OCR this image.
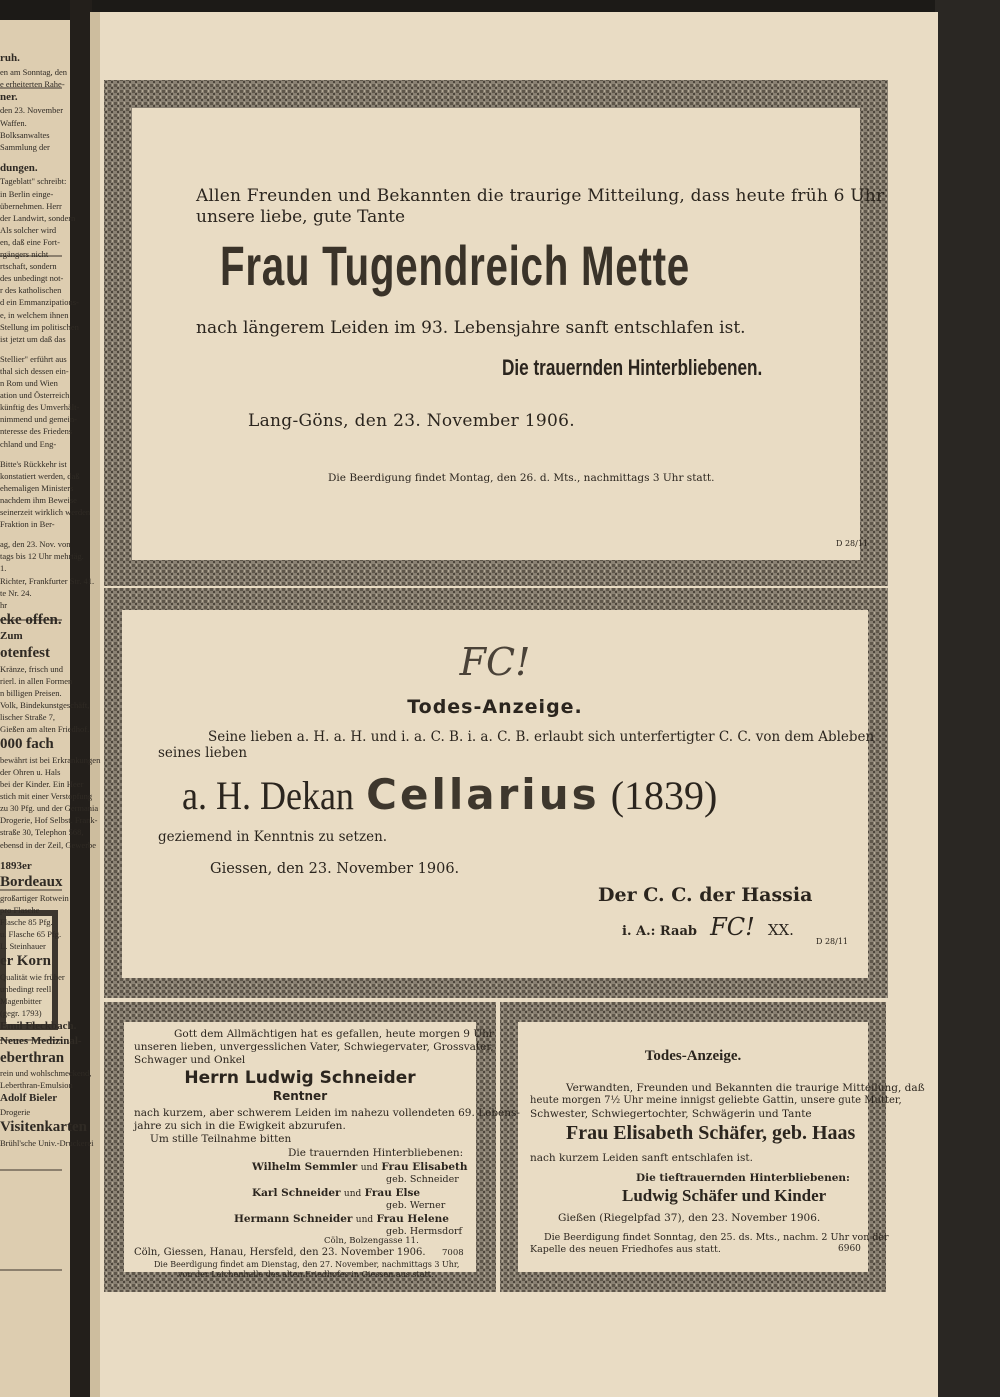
ruh.
en am Sonntag, den
e erheiterten Rahe-
ner.
den 23. November
Waffen.
Bolksanwaltes
Sammlung der
dungen.
Tageblatt" schreibt:
in Berlin einge-
übernehmen. Herr
der Landwirt, sondern
Als solcher wird
en, daß eine Fort-
rgängers nicht
rtschaft, sondern
des unbedingt not-
r des katholischen
d ein Emmanzipations-
e, in welchem ihnen
Stellung im politischen
ist jetzt um daß das
Stellier" erführt aus
thal sich dessen ein-
n Rom und Wien
ation und Österreich
künftig des Umverhält-
nimmend und gemein-
nteresse des Friedens
chland und Eng-
Bitte's Rückkehr ist
konstatiert werden, daß
ehemaligen Ministers
nachdem ihm Beweise
seinerzeit wirklich werden
Fraktion in Ber-
ag, den 23. Nov. von
tags bis 12 Uhr mehrtäg.
1.
Richter, Frankfurter Str. 41.
te Nr. 24.
hr
eke offen.
Zum
otenfest
Kränze, frisch und
rierl. in allen Formen
n billigen Preisen.
Volk, Bindekunstgeschäft,
lischer Straße 7,
Gießen am alten Friedhof.
000 fach
bewährt ist bei Erkrankungen
der Ohren u. Hals
bei der Kinder. Ein Heer
stich mit einer Verstopfung
zu 30 Pfg. und der Germania
Drogerie, Hof Selbst. Frank-
straße 30, Telephon 568,
ebensd in der Zeil, Gewerbe
1893er
Bordeaux
großartiger Rotwein
pro Flasche
Flasche 85 Pfg.
u. Flasche 65 Pfg.
L. Steinhauer
er Korn
Qualität wie früher
unbedingt reell
Magenbitter
(gegr. 1793)
Emil Fleckbach.
Neues Medizinal-
eberthran
rein und wohlschmeckend,
Leberthran-Emulsion
Adolf Bieler
Drogerie
Visitenkarten
Brühl'sche Univ.-Druckerei
Allen Freunden und Bekannten die traurige Mitteilung, dass heute früh 6 Uhr
unsere liebe, gute Tante
Frau Tugendreich Mette
nach längerem Leiden im 93. Lebensjahre sanft entschlafen ist.
Die trauernden Hinterbliebenen.
Lang-Göns, den 23. November 1906.
Die Beerdigung findet Montag, den 26. d. Mts., nachmittags 3 Uhr statt.
D 28/11
FC!
Todes-Anzeige.
Seine lieben a. H. a. H. und i. a. C. B. i. a. C. B. erlaubt sich unterfertigter C. C. von dem Ableben
seines lieben
a. H. Dekan Cellarius (1839)
geziemend in Kenntnis zu setzen.
Giessen, den 23. November 1906.
Der C. C. der Hassia
i. A.: Raab FC! XX.
D 28/11
Gott dem Allmächtigen hat es gefallen, heute morgen 9 Uhr
unseren lieben, unvergesslichen Vater, Schwiegervater, Grossvater,
Schwager und Onkel
Herrn Ludwig Schneider
Rentner
nach kurzem, aber schwerem Leiden im nahezu vollendeten 69. Lebens-
jahre zu sich in die Ewigkeit abzurufen.
Um stille Teilnahme bitten
Die trauernden Hinterbliebenen:
Wilhelm Semmler und Frau Elisabeth
geb. Schneider
Karl Schneider und Frau Else
geb. Werner
Hermann Schneider und Frau Helene
geb. Hermsdorf
Cöln, Bolzengasse 11.
Cöln, Giessen, Hanau, Hersfeld, den 23. November 1906. 7008
Die Beerdigung findet am Dienstag, den 27. November, nachmittags 3 Uhr,
von der Leichenhalle des alten Friedhofes in Giessen aus statt.
Todes-Anzeige.
Verwandten, Freunden und Bekannten die traurige Mitteilung, daß
heute morgen 7½ Uhr meine innigst geliebte Gattin, unsere gute Mutter,
Schwester, Schwiegertochter, Schwägerin und Tante
Frau Elisabeth Schäfer, geb. Haas
nach kurzem Leiden sanft entschlafen ist.
Die tieftrauernden Hinterbliebenen:
Ludwig Schäfer und Kinder
Gießen (Riegelpfad 37), den 23. November 1906.
Die Beerdigung findet Sonntag, den 25. ds. Mts., nachm. 2 Uhr von der
Kapelle des neuen Friedhofes aus statt.	6960
